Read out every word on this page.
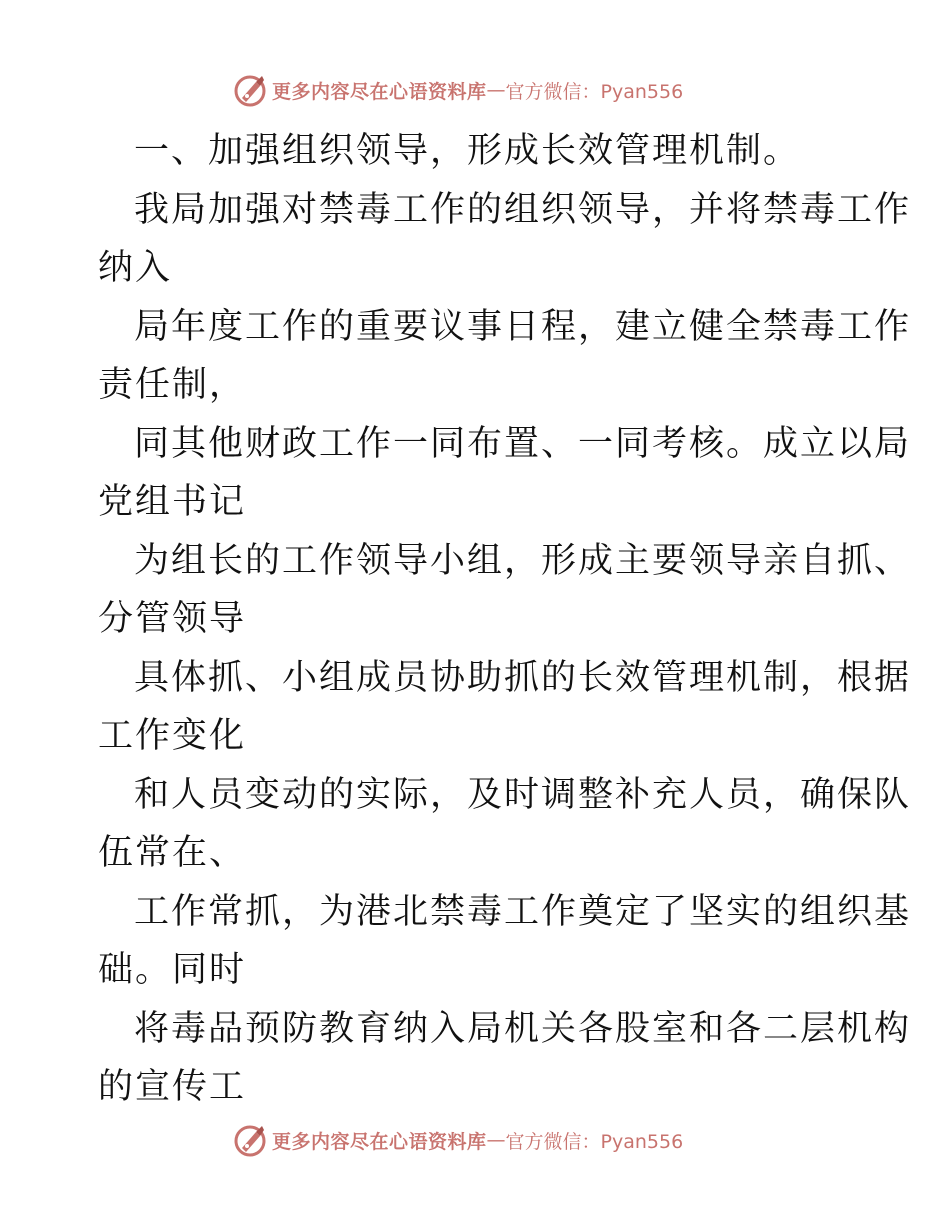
更多内容尽在心语资料库 — 官方微信：Pyan556
一、加强组织领导，形成长效管理机制。
我局加强对禁毒工作的组织领导，并将禁毒工作
纳入
局年度工作的重要议事日程，建立健全禁毒工作
责任制，
同其他财政工作一同布置、一同考核。成立以局
党组书记
为组长的工作领导小组，形成主要领导亲自抓、
分管领导
具体抓、小组成员协助抓的长效管理机制，根据
工作变化
和人员变动的实际，及时调整补充人员，确保队
伍常在、
工作常抓，为港北禁毒工作奠定了坚实的组织基
础。同时
将毒品预防教育纳入局机关各股室和各二层机构
的宣传工
更多内容尽在心语资料库 — 官方微信：Pyan556
